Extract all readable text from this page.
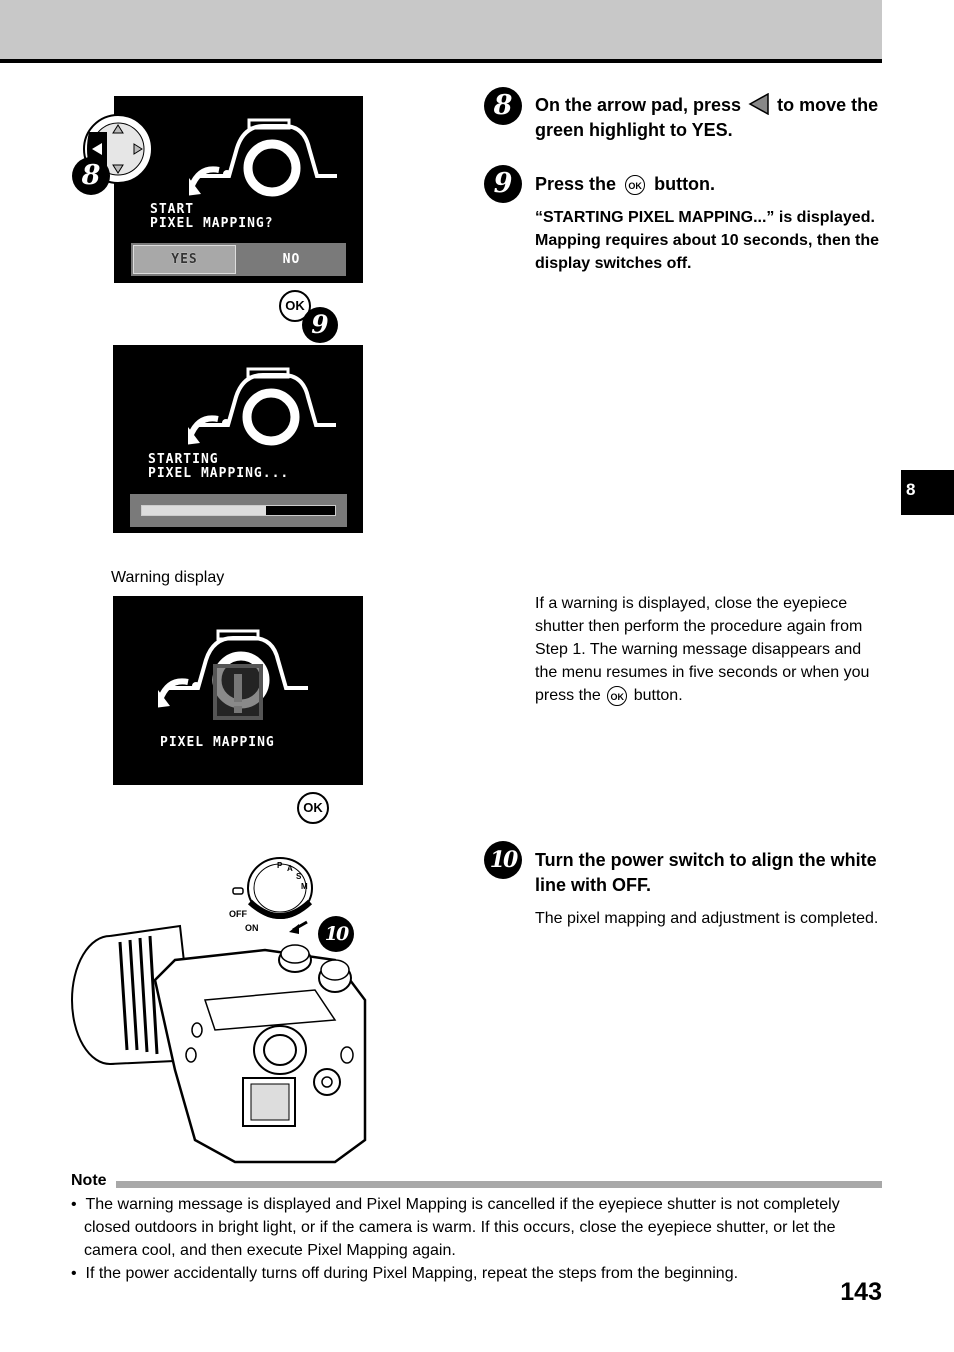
8
START
PIXEL MAPPING?
YES	NO
8
OK
9
STARTING
PIXEL MAPPING...
Warning display
PIXEL MAPPING
OK
P A
S
M
OFF
ON	10
8	On the arrow pad, press to move the green highlight to YES.
9	Press the OK button.
“STARTING PIXEL MAPPING...” is displayed. Mapping requires about 10 seconds, then the display switches off.
If a warning is displayed, close the eyepiece shutter then perform the procedure again from Step 1. The warning message disappears and the menu resumes in five seconds or when you press the OK button.
10	Turn the power switch to align the white line with OFF.
The pixel mapping and adjustment is completed.
Note
•  The warning message is displayed and Pixel Mapping is cancelled if the eyepiece shutter is not completely closed outdoors in bright light, or if the camera is warm. If this occurs, close the eyepiece shutter, or let the camera cool, and then execute Pixel Mapping again.
•  If the power accidentally turns off during Pixel Mapping, repeat the steps from the beginning.
143
